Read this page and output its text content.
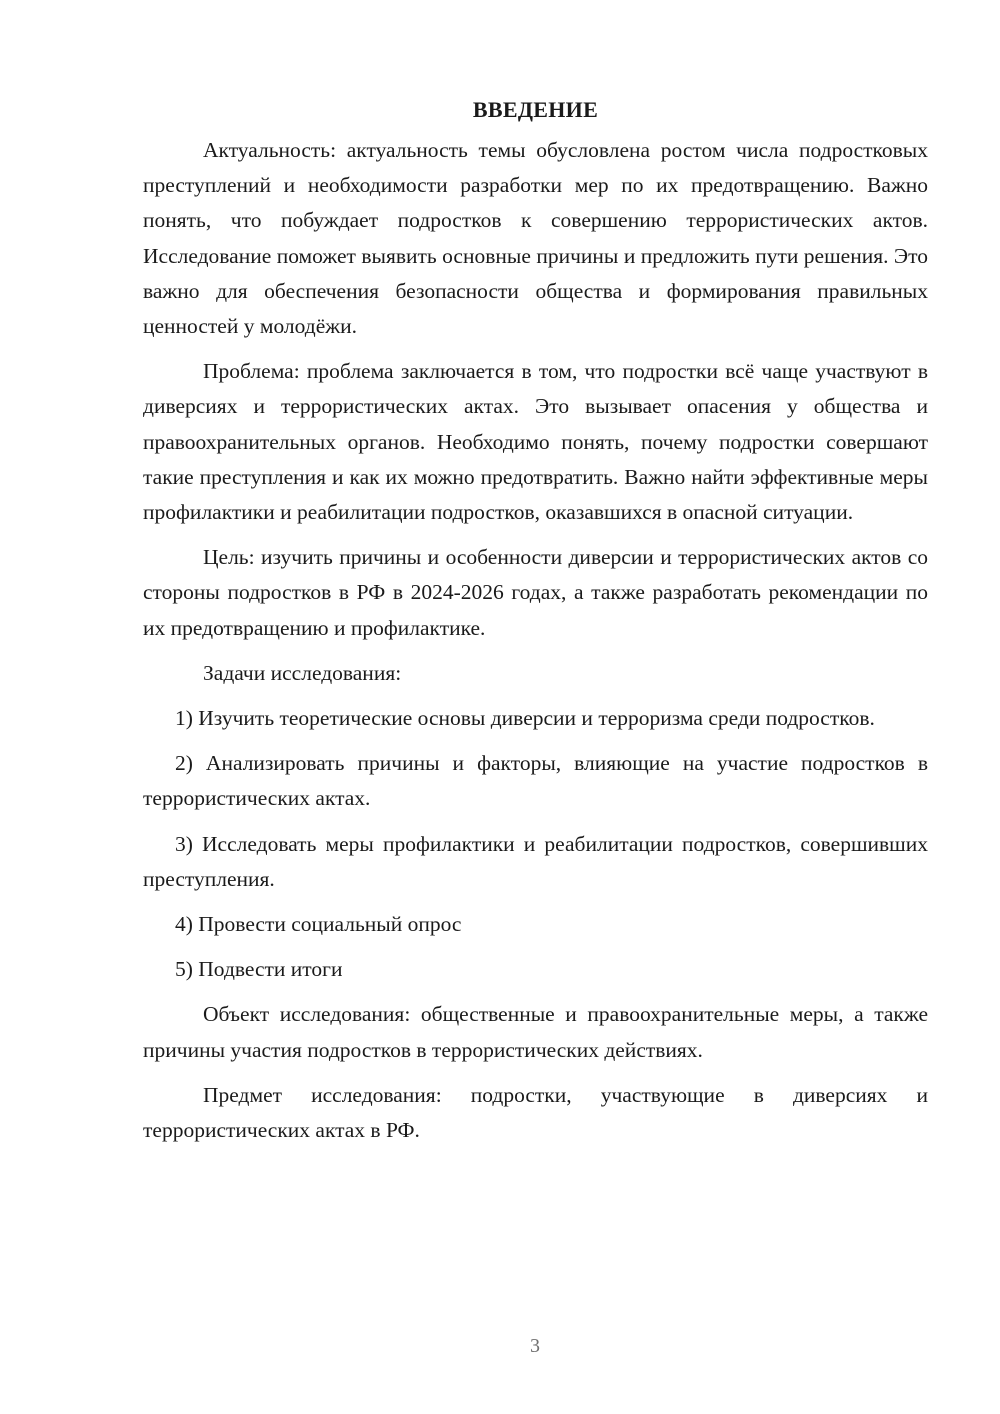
ВВЕДЕНИЕ

Актуальность: актуальность темы обусловлена ростом числа подростковых преступлений и необходимости разработки мер по их предотвращению. Важно понять, что побуждает подростков к совершению террористических актов. Исследование поможет выявить основные причины и предложить пути решения. Это важно для обеспечения безопасности общества и формирования правильных ценностей у молодёжи.

Проблема: проблема заключается в том, что подростки всё чаще участвуют в диверсиях и террористических актах. Это вызывает опасения у общества и правоохранительных органов. Необходимо понять, почему подростки совершают такие преступления и как их можно предотвратить. Важно найти эффективные меры профилактики и реабилитации подростков, оказавшихся в опасной ситуации.

Цель: изучить причины и особенности диверсии и террористических актов со стороны подростков в РФ в 2024-2026 годах, а также разработать рекомендации по их предотвращению и профилактике.

Задачи исследования:

1) Изучить теоретические основы диверсии и терроризма среди подростков.

2) Анализировать причины и факторы, влияющие на участие подростков в террористических актах.

3) Исследовать меры профилактики и реабилитации подростков, совершивших преступления.

4) Провести социальный опрос

5) Подвести итоги

Объект исследования: общественные и правоохранительные меры, а также причины участия подростков в террористических действиях.

Предмет исследования: подростки, участвующие в диверсиях и террористических актах в РФ.

3
